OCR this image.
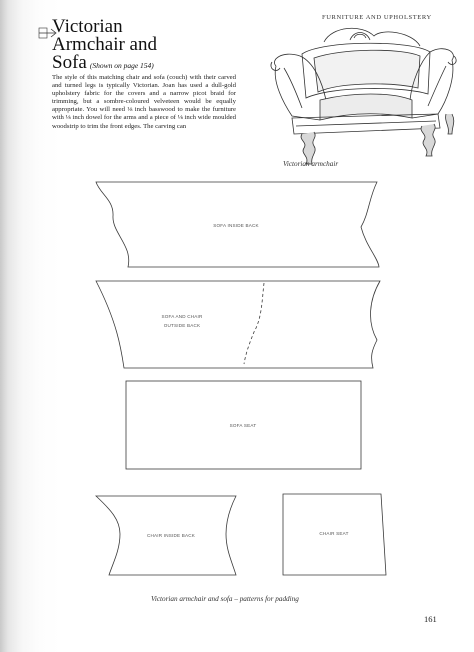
FURNITURE AND UPHOLSTERY
Victorian
Armchair and
Sofa (Shown on page 154)
The style of this matching chair and sofa (couch) with their carved and turned legs is typically Victorian. Joan has used a dull-gold upholstery fabric for the covers and a narrow picot braid for trimming, but a sombre-coloured velveteen would be equally appropriate. You will need ⅛ inch basswood to make the furniture with ⅛ inch dowel for the arms and a piece of ⅛ inch wide moulded woodstrip to trim the front edges. The carving can
Victorian armchair
SOFA INSIDE BACK
SOFA AND CHAIR
OUTSIDE BACK
SOFA SEAT
CHAIR INSIDE BACK	CHAIR SEAT
Victorian armchair and sofa – patterns for padding
161
